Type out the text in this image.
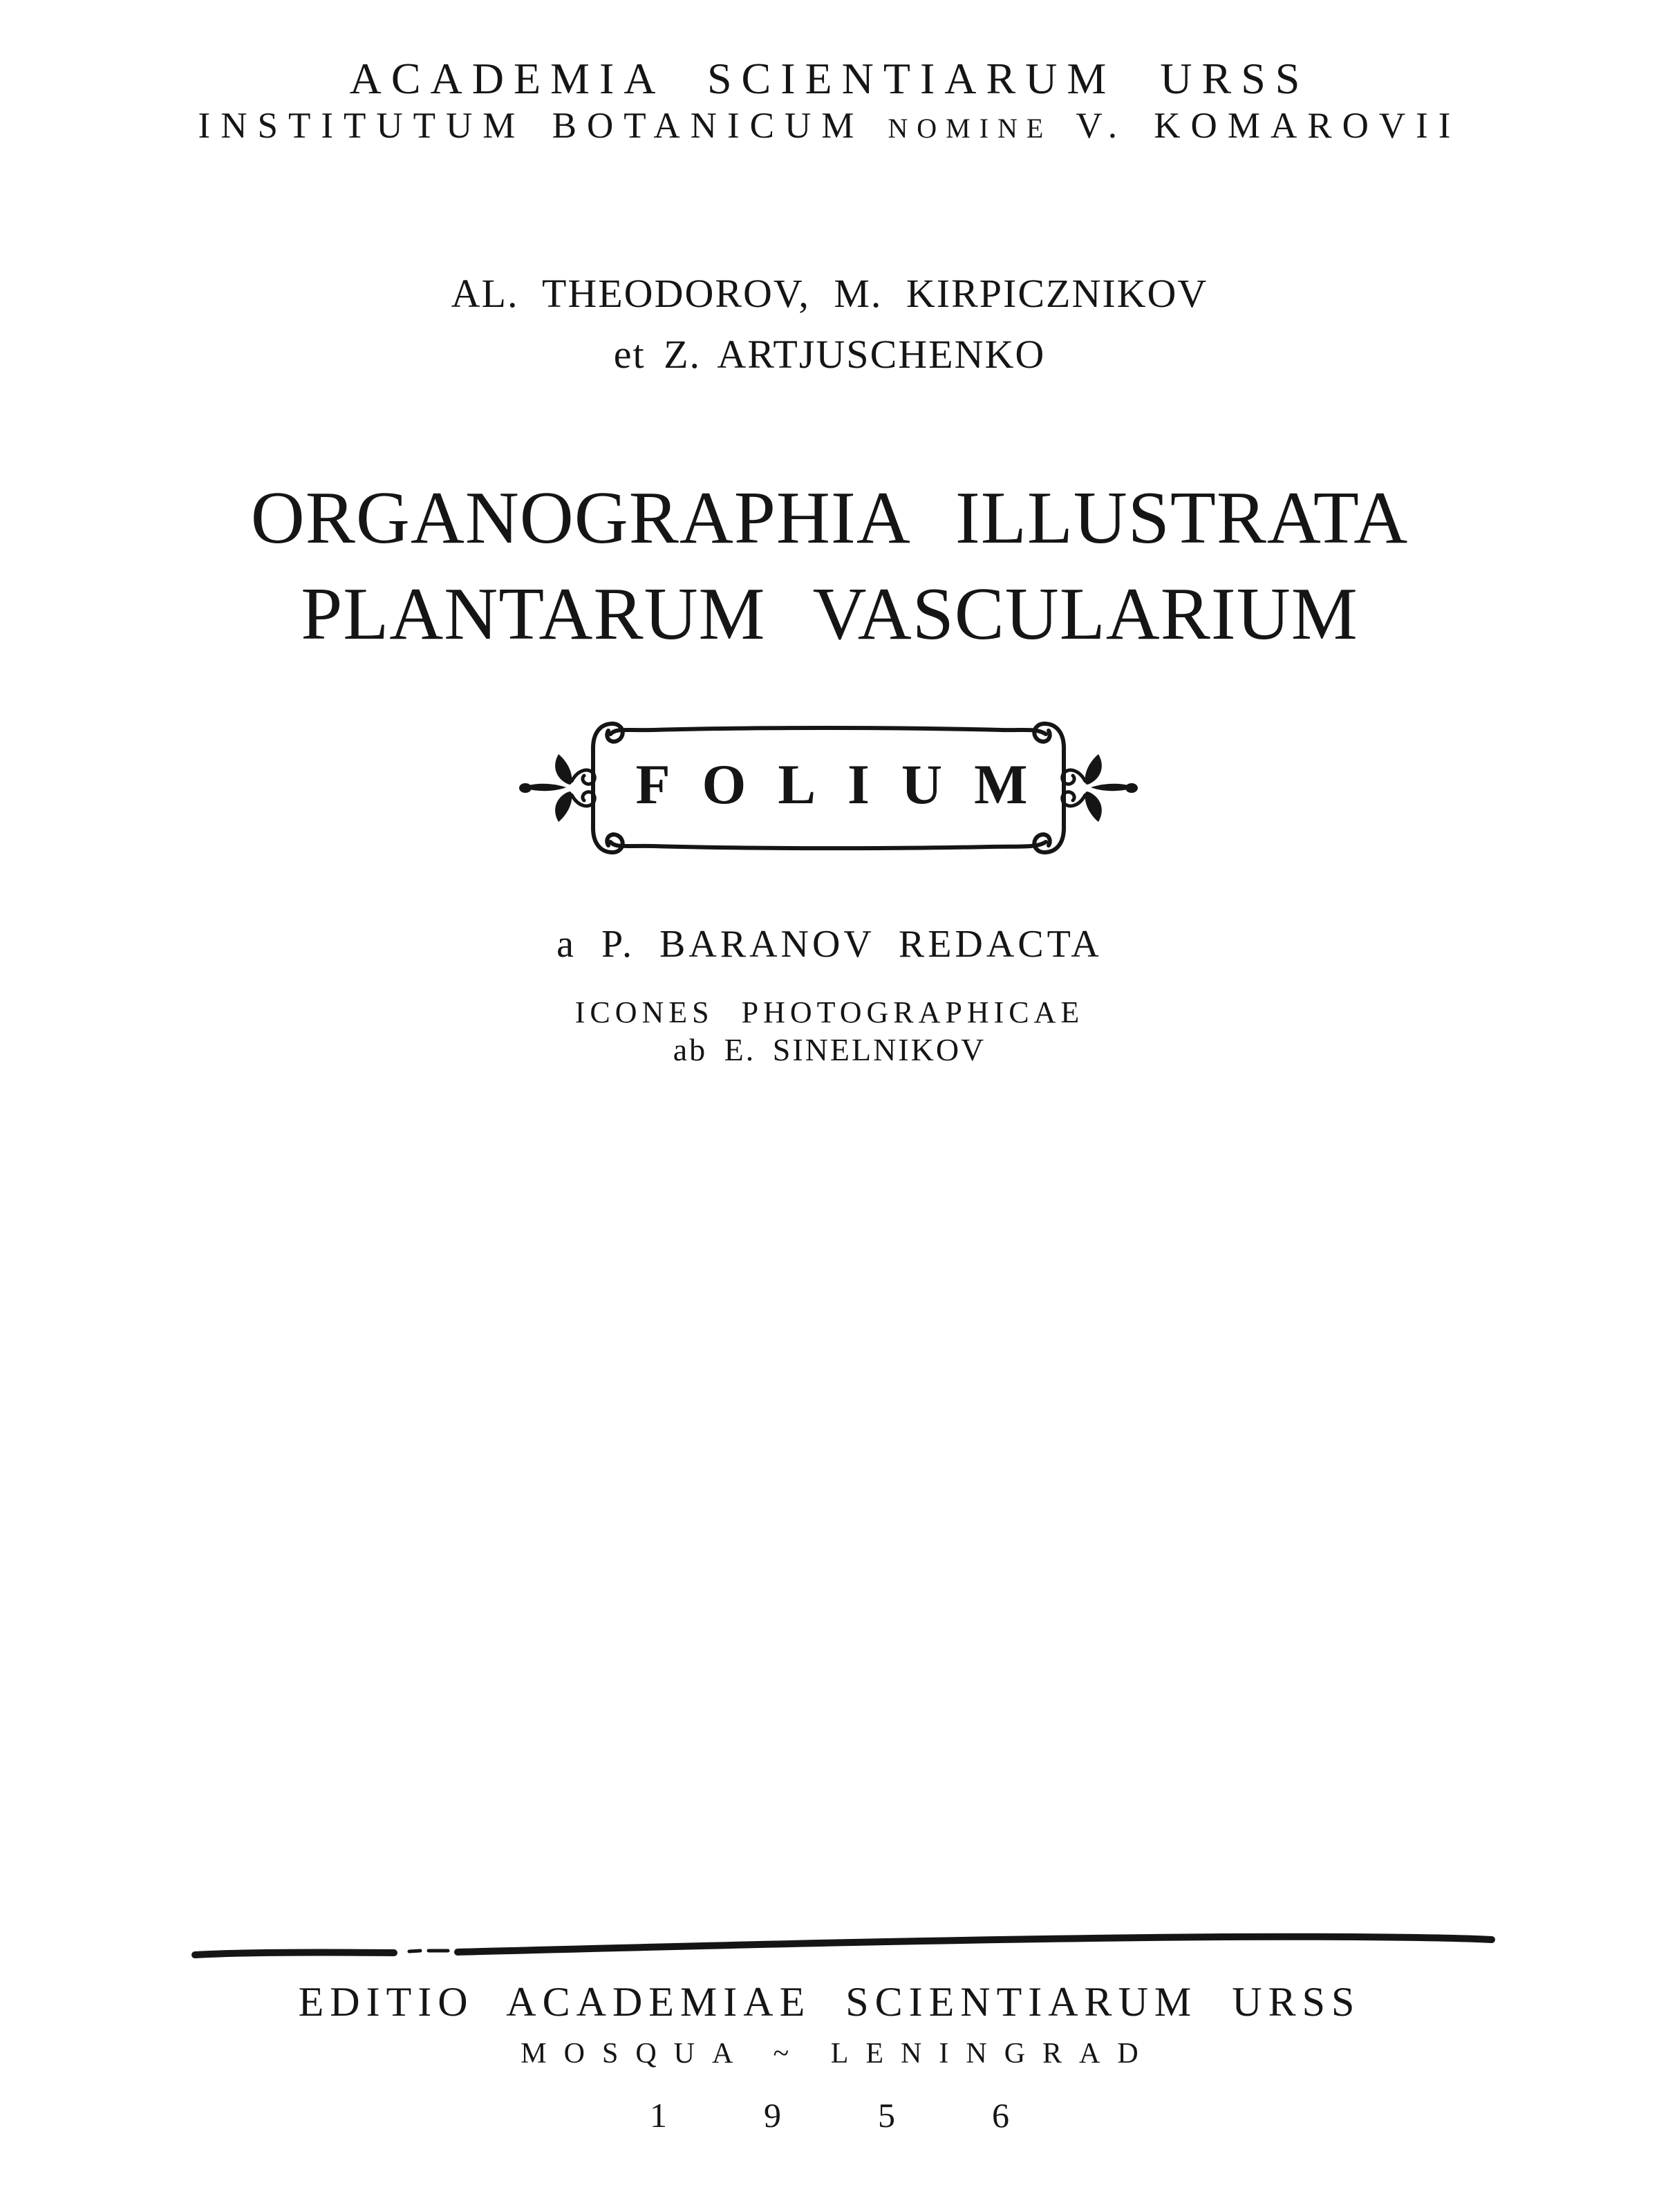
ACADEMIA SCIENTIARUM URSS
INSTITUTUM BOTANICUM NOMINE V. KOMAROVII
AL. THEODOROV, M. KIRPICZNIKOV
et Z. ARTJUSCHENKO
ORGANOGRAPHIA ILLUSTRATA
PLANTARUM VASCULARIUM
FOLIUM
a P. BARANOV REDACTA
ICONES PHOTOGRAPHICAE
ab E. SINELNIKOV
EDITIO ACADEMIAE SCIENTIARUM URSS
MOSQUA ~ LENINGRAD
1956
